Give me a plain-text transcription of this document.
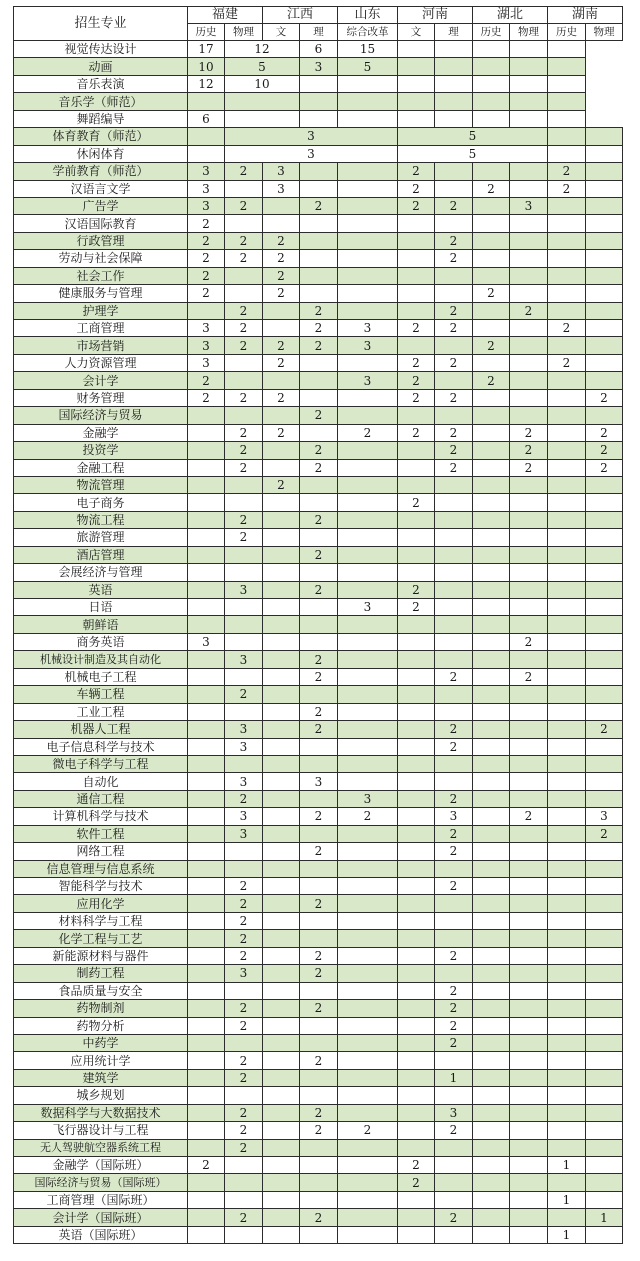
招生专业	福建		江西		山东	河南		湖北		湖南	
	历史	物理	文	理	综合改革	文	理	历史	物理	历史	物理
视觉传达设计	17	12		6	15						
动画	10	5		3	5						
音乐表演	12	10									
音乐学（师范）											
舞蹈编导	6										
体育教育（师范）		3				5					
休闲体育		3				5					
学前教育（师范）	3	2	3			2				2	
汉语言文学	3		3			2		2		2	
广告学	3	2		2		2	2		3		
汉语国际教育	2										
行政管理	2	2	2				2				
劳动与社会保障	2	2	2				2				
社会工作	2		2								
健康服务与管理	2		2					2			
护理学		2		2			2		2		
工商管理	3	2		2	3	2	2			2	
市场营销	3	2	2	2	3			2			
人力资源管理	3		2			2	2			2	
会计学	2				3	2		2			
财务管理	2	2	2			2	2				2
国际经济与贸易				2							
金融学		2	2		2	2	2		2		2
投资学		2		2			2		2		2
金融工程		2		2			2		2		2
物流管理			2								
电子商务						2					
物流工程		2		2							
旅游管理		2									
酒店管理				2							
会展经济与管理											
英语		3		2		2					
日语					3	2					
朝鲜语											
商务英语	3								2		
机械设计制造及其自动化		3		2							
机械电子工程				2			2		2		
车辆工程		2									
工业工程				2							
机器人工程		3		2			2				2
电子信息科学与技术		3					2				
微电子科学与工程											
自动化		3		3							
通信工程		2			3		2				
计算机科学与技术		3		2	2		3		2		3
软件工程		3					2				2
网络工程				2			2				
信息管理与信息系统											
智能科学与技术		2					2				
应用化学		2		2							
材料科学与工程		2									
化学工程与工艺		2									
新能源材料与器件		2		2			2				
制药工程		3		2							
食品质量与安全							2				
药物制剂		2		2			2				
药物分析		2					2				
中药学							2				
应用统计学		2		2							
建筑学		2					1				
城乡规划											
数据科学与大数据技术		2		2			3				
飞行器设计与工程		2		2	2		2				
无人驾驶航空器系统工程		2									
金融学（国际班）	2					2				1	
国际经济与贸易（国际班）						2					
工商管理（国际班）										1	
会计学（国际班）		2		2			2				1
英语（国际班）										1	
